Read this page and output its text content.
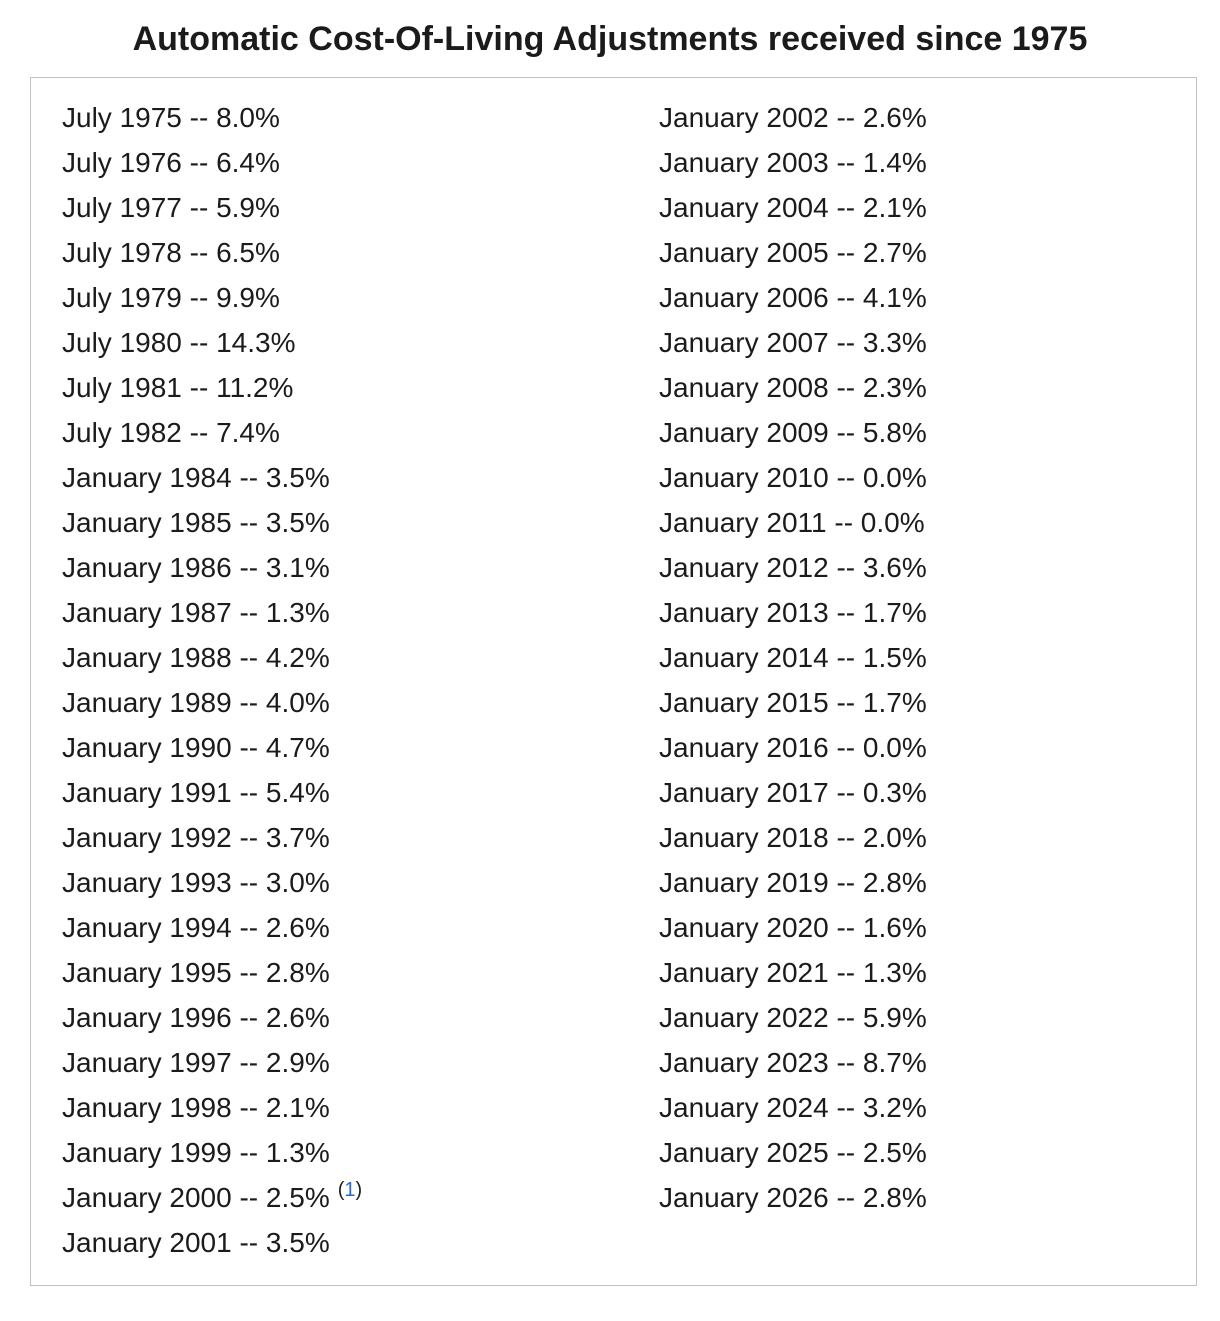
Automatic Cost-Of-Living Adjustments received since 1975
July 1975 -- 8.0%
July 1976 -- 6.4%
July 1977 -- 5.9%
July 1978 -- 6.5%
July 1979 -- 9.9%
July 1980 -- 14.3%
July 1981 -- 11.2%
July 1982 -- 7.4%
January 1984 -- 3.5%
January 1985 -- 3.5%
January 1986 -- 3.1%
January 1987 -- 1.3%
January 1988 -- 4.2%
January 1989 -- 4.0%
January 1990 -- 4.7%
January 1991 -- 5.4%
January 1992 -- 3.7%
January 1993 -- 3.0%
January 1994 -- 2.6%
January 1995 -- 2.8%
January 1996 -- 2.6%
January 1997 -- 2.9%
January 1998 -- 2.1%
January 1999 -- 1.3%
January 2000 -- 2.5% $^{(1)}$
January 2001 -- 3.5%
January 2002 -- 2.6%
January 2003 -- 1.4%
January 2004 -- 2.1%
January 2005 -- 2.7%
January 2006 -- 4.1%
January 2007 -- 3.3%
January 2008 -- 2.3%
January 2009 -- 5.8%
January 2010 -- 0.0%
January 2011 -- 0.0%
January 2012 -- 3.6%
January 2013 -- 1.7%
January 2014 -- 1.5%
January 2015 -- 1.7%
January 2016 -- 0.0%
January 2017 -- 0.3%
January 2018 -- 2.0%
January 2019 -- 2.8%
January 2020 -- 1.6%
January 2021 -- 1.3%
January 2022 -- 5.9%
January 2023 -- 8.7%
January 2024 -- 3.2%
January 2025 -- 2.5%
January 2026 -- 2.8%
